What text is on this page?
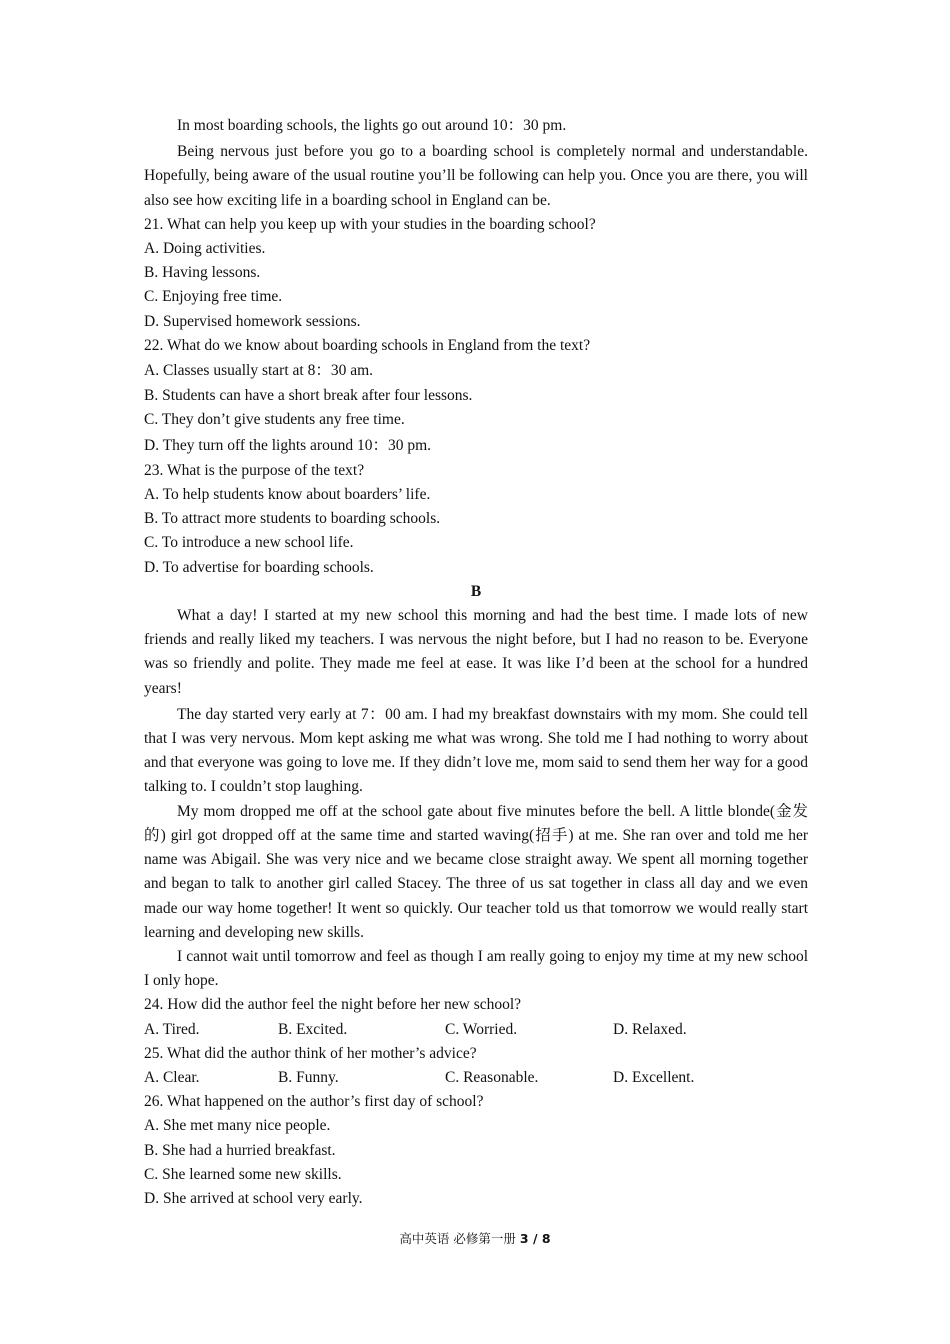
In most boarding schools, the lights go out around 10：30 pm.

Being nervous just before you go to a boarding school is completely normal and understandable. Hopefully, being aware of the usual routine you’ll be following can help you. Once you are there, you will also see how exciting life in a boarding school in England can be.

21. What can help you keep up with your studies in the boarding school?

A. Doing activities.

B. Having lessons.

C. Enjoying free time.

D. Supervised homework sessions.

22. What do we know about boarding schools in England from the text?

A. Classes usually start at 8：30 am.

B. Students can have a short break after four lessons.

C. They don’t give students any free time.

D. They turn off the lights around 10：30 pm.

23. What is the purpose of the text?

A. To help students know about boarders’ life.

B. To attract more students to boarding schools.

C. To introduce a new school life.

D. To advertise for boarding schools.

B

What a day! I started at my new school this morning and had the best time. I made lots of new friends and really liked my teachers. I was nervous the night before, but I had no reason to be. Everyone was so friendly and polite. They made me feel at ease. It was like I’d been at the school for a hundred years!

The day started very early at 7：00 am. I had my breakfast downstairs with my mom. She could tell that I was very nervous. Mom kept asking me what was wrong. She told me I had nothing to worry about and that everyone was going to love me. If they didn’t love me, mom said to send them her way for a good talking to. I couldn’t stop laughing.

My mom dropped me off at the school gate about five minutes before the bell. A little blonde(金发的) girl got dropped off at the same time and started waving(招手) at me. She ran over and told me her name was Abigail. She was very nice and we became close straight away. We spent all morning together and began to talk to another girl called Stacey. The three of us sat together in class all day and we even made our way home together! It went so quickly. Our teacher told us that tomorrow we would really start learning and developing new skills.

I cannot wait until tomorrow and feel as though I am really going to enjoy my time at my new school I only hope.

24. How did the author feel the night before her new school?

A. Tired.	B. Excited.	C. Worried.	D. Relaxed.

25. What did the author think of her mother’s advice?

A. Clear.	B. Funny.	C. Reasonable.	D. Excellent.

26. What happened on the author’s first day of school?

A. She met many nice people.

B. She had a hurried breakfast.

C. She learned some new skills.

D. She arrived at school very early.

高中英语 必修第一册 3 / 8
